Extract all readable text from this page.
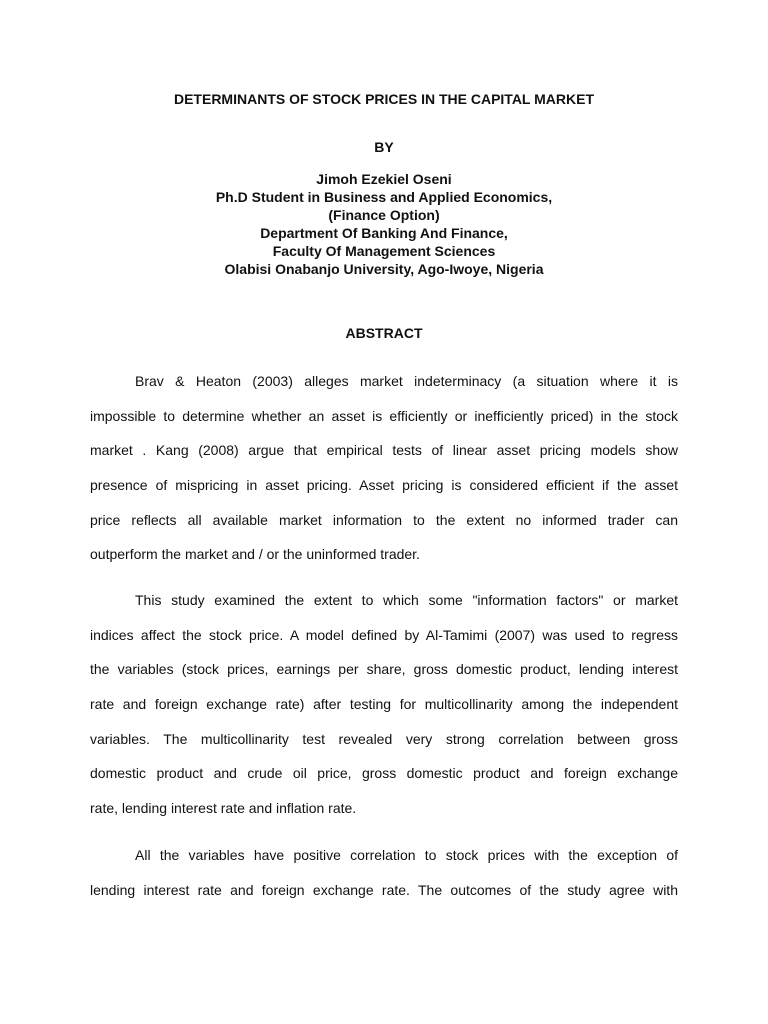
DETERMINANTS OF STOCK PRICES IN THE CAPITAL MARKET
BY
Jimoh Ezekiel Oseni
Ph.D Student in Business and Applied Economics,
(Finance Option)
Department Of Banking And Finance,
Faculty Of Management Sciences
Olabisi Onabanjo University, Ago-Iwoye, Nigeria
ABSTRACT
Brav & Heaton (2003) alleges market indeterminacy (a situation where it is
impossible to determine whether an asset is efficiently or inefficiently priced) in the stock
market . Kang (2008) argue that empirical tests of linear asset pricing models show
presence of mispricing in asset pricing. Asset pricing is considered efficient if the asset
price reflects all available market information to the extent no informed trader can
outperform the market and / or the uninformed trader.
This study examined the extent to which some "information factors" or market
indices affect the stock price. A model defined by Al-Tamimi (2007) was used to regress
the variables (stock prices, earnings per share, gross domestic product, lending interest
rate and foreign exchange rate) after testing for multicollinarity among the independent
variables. The multicollinarity test revealed very strong correlation between gross
domestic product and crude oil price, gross domestic product and foreign exchange
rate, lending interest rate and inflation rate.
All the variables have positive correlation to stock prices with the exception of
lending interest rate and foreign exchange rate. The outcomes of the study agree with
